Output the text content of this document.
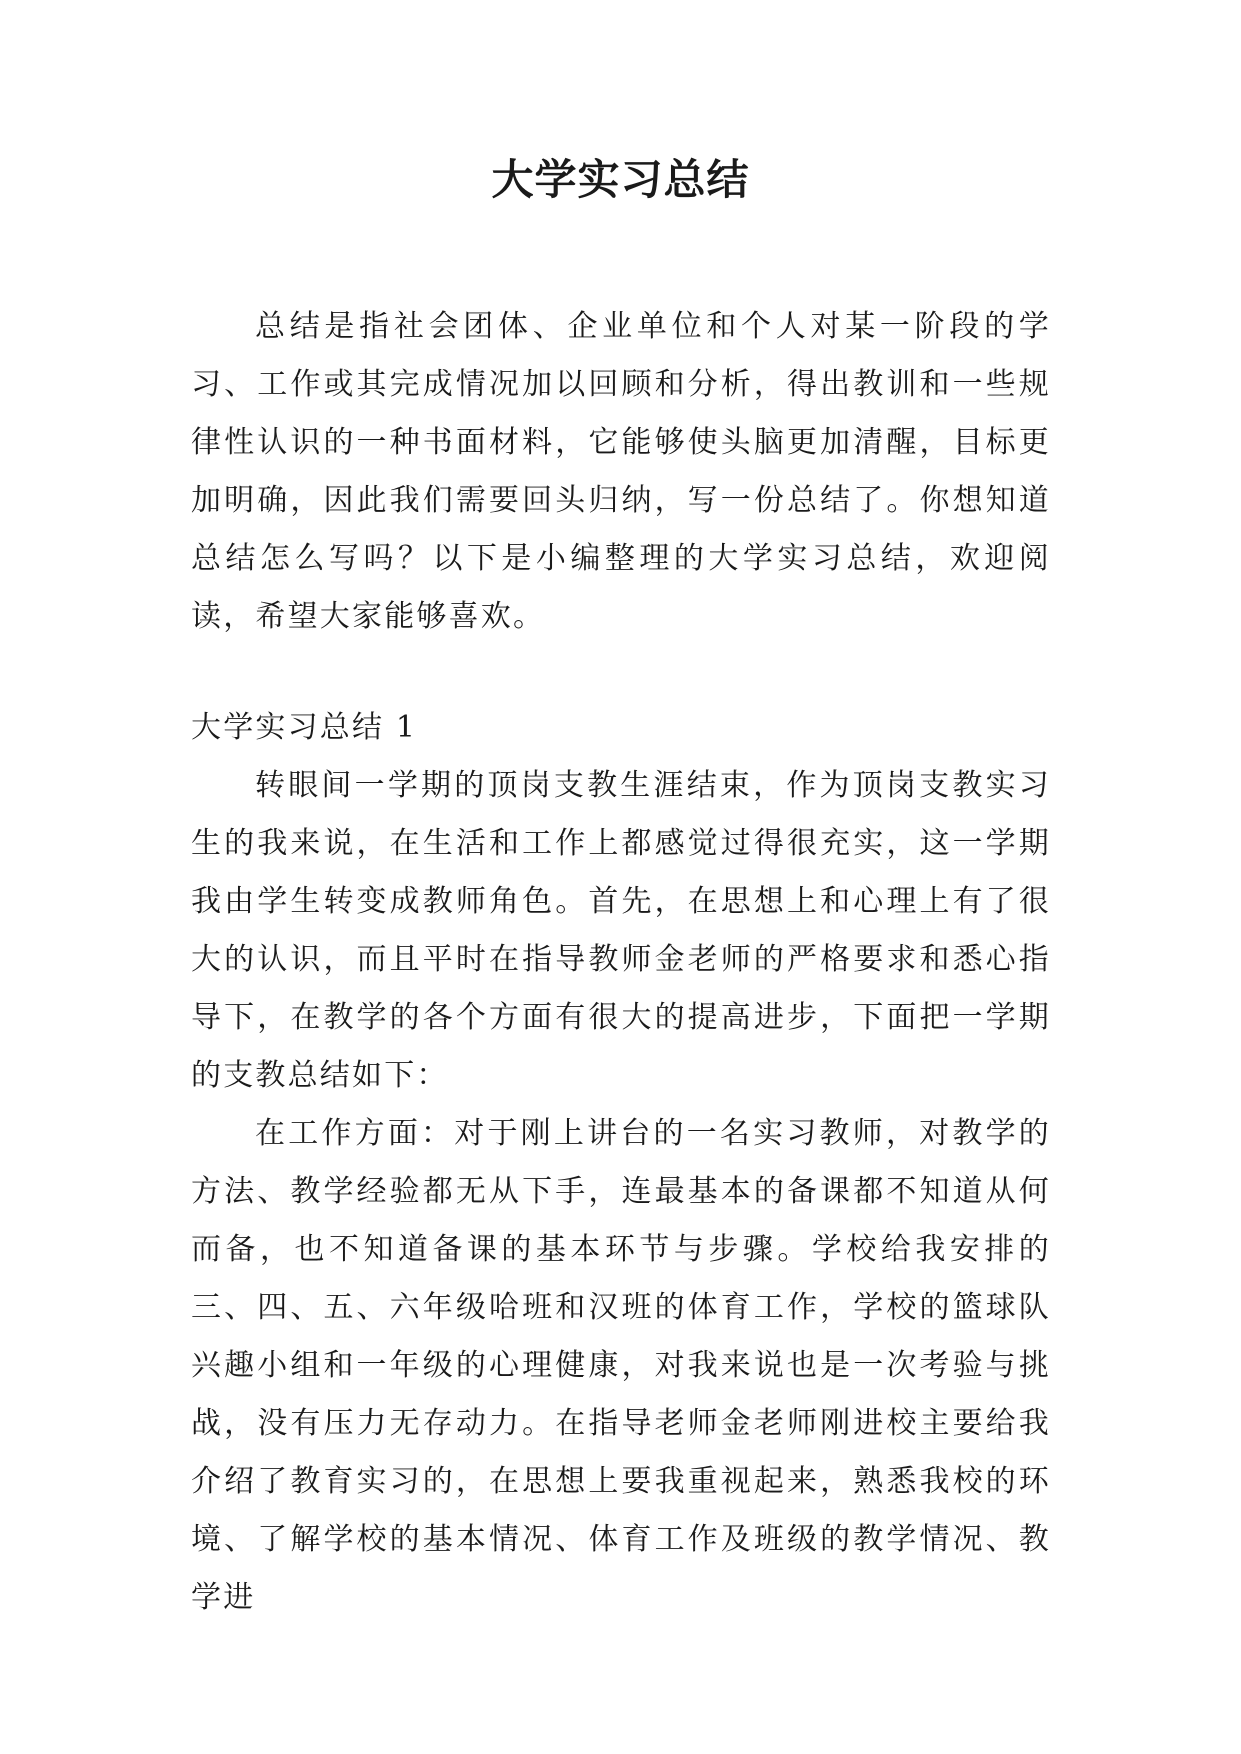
大学实习总结

总结是指社会团体、企业单位和个人对某一阶段的学习、工作或其完成情况加以回顾和分析，得出教训和一些规律性认识的一种书面材料，它能够使头脑更加清醒，目标更加明确，因此我们需要回头归纳，写一份总结了。你想知道总结怎么写吗？以下是小编整理的大学实习总结，欢迎阅读，希望大家能够喜欢。

大学实习总结 1

转眼间一学期的顶岗支教生涯结束，作为顶岗支教实习生的我来说，在生活和工作上都感觉过得很充实，这一学期我由学生转变成教师角色。首先，在思想上和心理上有了很大的认识，而且平时在指导教师金老师的严格要求和悉心指导下，在教学的各个方面有很大的提高进步，下面把一学期的支教总结如下：

在工作方面：对于刚上讲台的一名实习教师，对教学的方法、教学经验都无从下手，连最基本的备课都不知道从何而备，也不知道备课的基本环节与步骤。学校给我安排的三、四、五、六年级哈班和汉班的体育工作，学校的篮球队兴趣小组和一年级的心理健康，对我来说也是一次考验与挑战，没有压力无存动力。在指导老师金老师刚进校主要给我介绍了教育实习的，在思想上要我重视起来，熟悉我校的环境、了解学校的基本情况、体育工作及班级的教学情况、教学进
